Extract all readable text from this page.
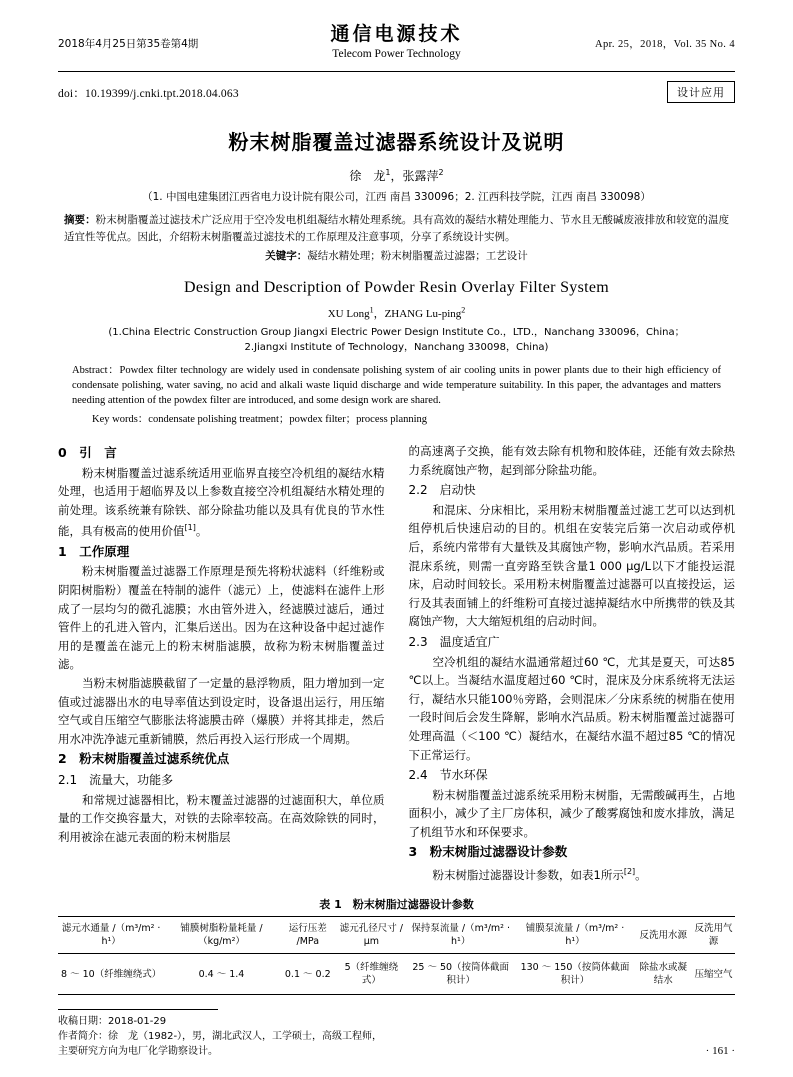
通信电源技术
Telecom Power Technology
2018年4月25日第35卷第4期	Apr. 25，2018，Vol. 35 No. 4
doi：10.19399/j.cnki.tpt.2018.04.063	设计应用
粉末树脂覆盖过滤器系统设计及说明
徐　龙$^1$，张露萍$^2$
（1. 中国电建集团江西省电力设计院有限公司，江西 南昌 330096；2. 江西科技学院，江西 南昌 330098）
摘要：粉末树脂覆盖过滤技术广泛应用于空冷发电机组凝结水精处理系统。具有高效的凝结水精处理能力、节水且无酸碱废液排放和较宽的温度适宜性等优点。因此，介绍粉末树脂覆盖过滤技术的工作原理及注意事项，分享了系统设计实例。
关键字：凝结水精处理；粉末树脂覆盖过滤器；工艺设计
Design and Description of Powder Resin Overlay Filter System
XU Long$^1$，ZHANG Lu-ping$^2$
(1.China Electric Construction Group Jiangxi Electric Power Design Institute Co.，LTD.，Nanchang 330096，China；
2.Jiangxi Institute of Technology，Nanchang 330098，China)
Abstract：Powdex filter technology are widely used in condensate polishing system of air cooling units in power plants due to their high efficiency of condensate polishing, water saving, no acid and alkali waste liquid discharge and wide temperature suitability. In this paper, the advantages and matters needing attention of the powdex filter are introduced, and some design work are shared.
Key words：condensate polishing treatment；powdex filter；process planning
0　引　言

粉末树脂覆盖过滤系统适用亚临界直接空冷机组的凝结水精处理，也适用于超临界及以上参数直接空冷机组凝结水精处理的前处理。该系统兼有除铁、部分除盐功能以及具有优良的节水性能，具有极高的使用价值[1]。

1　工作原理

粉末树脂覆盖过滤器工作原理是预先将粉状滤料（纤维粉或阴阳树脂粉）覆盖在特制的滤件（滤元）上，使滤料在滤件上形成了一层均匀的微孔滤膜；水由管外进入，经滤膜过滤后，通过管件上的孔进入管内，汇集后送出。因为在这种设备中起过滤作用的是覆盖在滤元上的粉末树脂滤膜，故称为粉末树脂覆盖过滤。

当粉末树脂滤膜截留了一定量的悬浮物质，阻力增加到一定值或过滤器出水的电导率值达到设定时，设备退出运行，用压缩空气或自压缩空气膨胀法将滤膜击碎（爆膜）并将其排走，然后用水冲洗净滤元重新铺膜，然后再投入运行形成一个周期。

2　粉末树脂覆盖过滤系统优点
2.1　流量大，功能多

和常规过滤器相比，粉末覆盖过滤器的过滤面积大，单位质量的工作交换容量大，对铁的去除率较高。在高效除铁的同时，利用被涂在滤元表面的粉末树脂层

的高速离子交换，能有效去除有机物和胶体硅，还能有效去除热力系统腐蚀产物，起到部分除盐功能。

2.2　启动快

和混床、分床相比，采用粉末树脂覆盖过滤工艺可以达到机组停机后快速启动的目的。机组在安装完后第一次启动或停机后，系统内常带有大量铁及其腐蚀产物，影响水汽品质。若采用混床系统，则需一直旁路至铁含量1 000 μg/L以下才能投运混床，启动时间较长。采用粉末树脂覆盖过滤器可以直接投运，运行及其表面铺上的纤维粉可直接过滤掉凝结水中所携带的铁及其腐蚀产物，大大缩短机组的启动时间。

2.3　温度适宜广

空冷机组的凝结水温通常超过60 ℃，尤其是夏天，可达85 ℃以上。当凝结水温度超过60 ℃时，混床及分床系统将无法运行，凝结水只能100％旁路，会则混床／分床系统的树脂在使用一段时间后会发生降解，影响水汽品质。粉末树脂覆盖过滤器可处理高温（＜100 ℃）凝结水，在凝结水温不超过85 ℃的情况下正常运行。

2.4　节水环保

粉末树脂覆盖过滤系统采用粉末树脂，无需酸碱再生，占地面积小，减少了主厂房体积，减少了酸雾腐蚀和废水排放，满足了机组节水和环保要求。

3　粉末树脂过滤器设计参数

粉末树脂过滤器设计参数，如表1所示[2]。

表 1　粉末树脂过滤器设计参数
滤元水通量 /（m³/m² · h¹）	铺膜树脂粉量耗量 /（kg/m²）	运行压差 /MPa	滤元孔径尺寸 /μm	保持泵流量 /（m³/m² · h¹）	铺膜泵流量 /（m³/m² · h¹）	反洗用水源	反洗用气源
8 ～ 10（纤维缠绕式）	0.4 ～ 1.4	0.1 ～ 0.2	5（纤维缠绕式）	25 ～ 50（按筒体截面积计）	130 ～ 150（按筒体截面积计）	除盐水或凝结水	压缩空气
收稿日期：2018-01-29
作者简介：徐　龙（1982-），男，湖北武汉人，工学硕士，高级工程师，主要研究方向为电厂化学勘察设计。	· 161 ·
